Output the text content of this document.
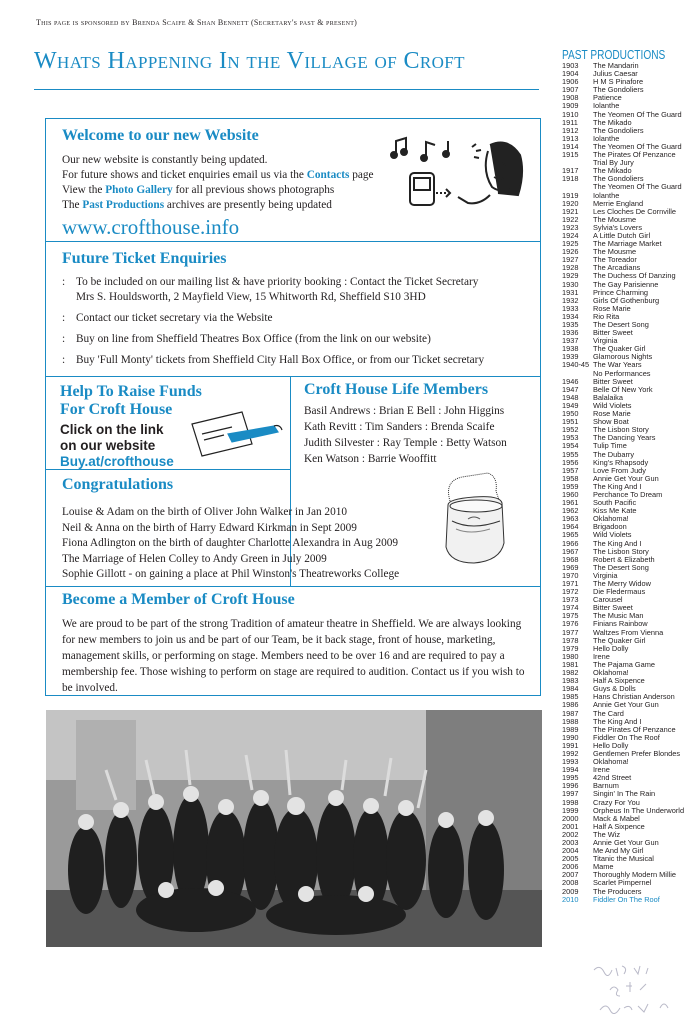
This page is sponsored by Brenda Scaife & Shan Bennett (Secretary's past & present)
Whats Happening In the Village of Croft
Welcome to our new Website
Our new website is constantly being updated.
For future shows and ticket enquiries email us via the Contacts page
View the Photo Gallery for all previous shows photographs
The Past Productions archives are presently being updated
www.crofthouse.info
Future Ticket Enquiries
: To be included on our mailing list & have priority booking : Contact the Ticket Secretary
Mrs S. Houldsworth, 2 Mayfield View, 15 Whitworth Rd, Sheffield S10 3HD
: Contact our ticket secretary via the Website
: Buy on line from Sheffield Theatres Box Office (from the link on our website)
: Buy 'Full Monty' tickets from Sheffield City Hall Box Office, or from our Ticket secretary
Help To Raise Funds
For Croft House
Click on the link
on our website
Buy.at/crofthouse
Croft House Life Members
Basil Andrews : Brian E Bell : John Higgins
Kath Revitt : Tim Sanders : Brenda Scaife
Judith Silvester : Ray Temple : Betty Watson
Ken Watson : Barrie Wooffitt
Congratulations
Louise & Adam on the birth of Oliver John Walker in Jan 2010
Neil & Anna on the birth of Harry Edward Kirkman in Sept 2009
Fiona Adlington on the birth of daughter Charlotte Alexandra in Aug 2009
The Marriage of Helen Colley to Andy Green in July 2009
Sophie Gillott - on gaining a place at Phil Winston's Theatreworks College
Become a Member of Croft House
We are proud to be part of the strong Tradition of amateur theatre in Sheffield. We are always looking for new members to join us and be part of our Team, be it back stage, front of house, marketing, management skills, or performing on stage. Members need to be over 16 and are required to pay a membership fee. Those wishing to perform on stage are required to audition. Contact us if you wish to be involved.
PAST PRODUCTIONS
1903	The Mandarin
1904	Julius Caesar
1906	H M S Pinafore
1907	The Gondoliers
1908	Patience
1909	Iolanthe
1910	The Yeomen Of The Guard
1911	The Mikado
1912	The Gondoliers
1913	Iolanthe
1914	The Yeomen Of The Guard
1915	The Pirates Of Penzance
Trial By Jury
1917	The Mikado
1918	The Gondoliers
The Yeomen Of The Guard
1919	Iolanthe
1920	Merrie England
1921	Les Cloches De Cornville
1922	The Mousme
1923	Sylvia's Lovers
1924	A Little Dutch Girl
1925	The Marriage Market
1926	The Mousme
1927	The Toreador
1928	The Arcadians
1929	The Duchess Of Danzing
1930	The Gay Parisienne
1931	Prince Charming
1932	Girls Of Gothenburg
1933	Rose Marie
1934	Rio Rita
1935	The Desert Song
1936	Bitter Sweet
1937	Virginia
1938	The Quaker Girl
1939	Glamorous Nights
1940-45 The War Years
No Performances
1946	Bitter Sweet
1947	Belle Of New York
1948	Balalaika
1949	Wild Violets
1950	Rose Marie
1951	Show Boat
1952	The Lisbon Story
1953	The Dancing Years
1954	Tulip Time
1955	The Dubarry
1956	King's Rhapsody
1957	Love From Judy
1958	Annie Get Your Gun
1959	The King And I
1960	Perchance To Dream
1961	South Pacific
1962	Kiss Me Kate
1963	Oklahoma!
1964	Brigadoon
1965	Wild Violets
1966	The King And I
1967	The Lisbon Story
1968	Robert & Elizabeth
1969	The Desert Song
1970	Virginia
1971	The Merry Widow
1972	Die Fledermaus
1973	Carousel
1974	Bitter Sweet
1975	The Music Man
1976	Finians Rainbow
1977	Waltzes From Vienna
1978	The Quaker Girl
1979	Hello Dolly
1980	Irene
1981	The Pajama Game
1982	Oklahoma!
1983	Half A Sixpence
1984	Guys & Dolls
1985	Hans Christian Anderson
1986	Annie Get Your Gun
1987	The Card
1988	The King And I
1989	The Pirates Of Penzance
1990	Fiddler On The Roof
1991	Hello Dolly
1992	Gentlemen Prefer Blondes
1993	Oklahoma!
1994	Irene
1995	42nd Street
1996	Barnum
1997	Singin' In The Rain
1998	Crazy For You
1999	Orpheus In The Underworld
2000	Mack & Mabel
2001	Half A Sixpence
2002	The Wiz
2003	Annie Get Your Gun
2004	Me And My Girl
2005	Titanic the Musical
2006	Mame
2007	Thoroughly Modern Millie
2008	Scarlet Pimpernel
2009	The Producers
2010	Fiddler On The Roof
